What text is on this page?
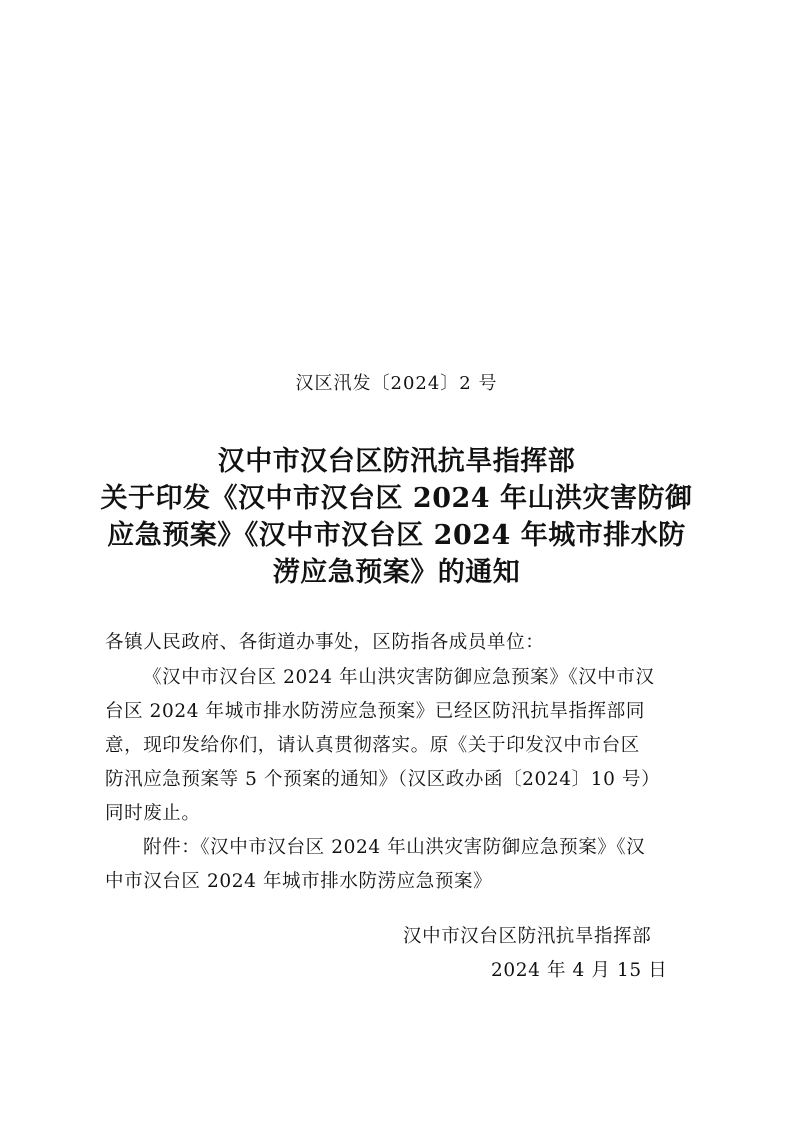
汉区汛发〔2024〕2 号
汉中市汉台区防汛抗旱指挥部
关于印发《汉中市汉台区 2024 年山洪灾害防御
应急预案》《汉中市汉台区 2024 年城市排水防
涝应急预案》的通知
各镇人民政府、各街道办事处，区防指各成员单位：
《汉中市汉台区 2024 年山洪灾害防御应急预案》《汉中市汉
台区 2024 年城市排水防涝应急预案》已经区防汛抗旱指挥部同
意，现印发给你们，请认真贯彻落实。原《关于印发汉中市台区
防汛应急预案等 5 个预案的通知》（汉区政办函〔2024〕10 号）
同时废止。
附件：《汉中市汉台区 2024 年山洪灾害防御应急预案》《汉
中市汉台区 2024 年城市排水防涝应急预案》
汉中市汉台区防汛抗旱指挥部
2024 年 4 月 15 日
